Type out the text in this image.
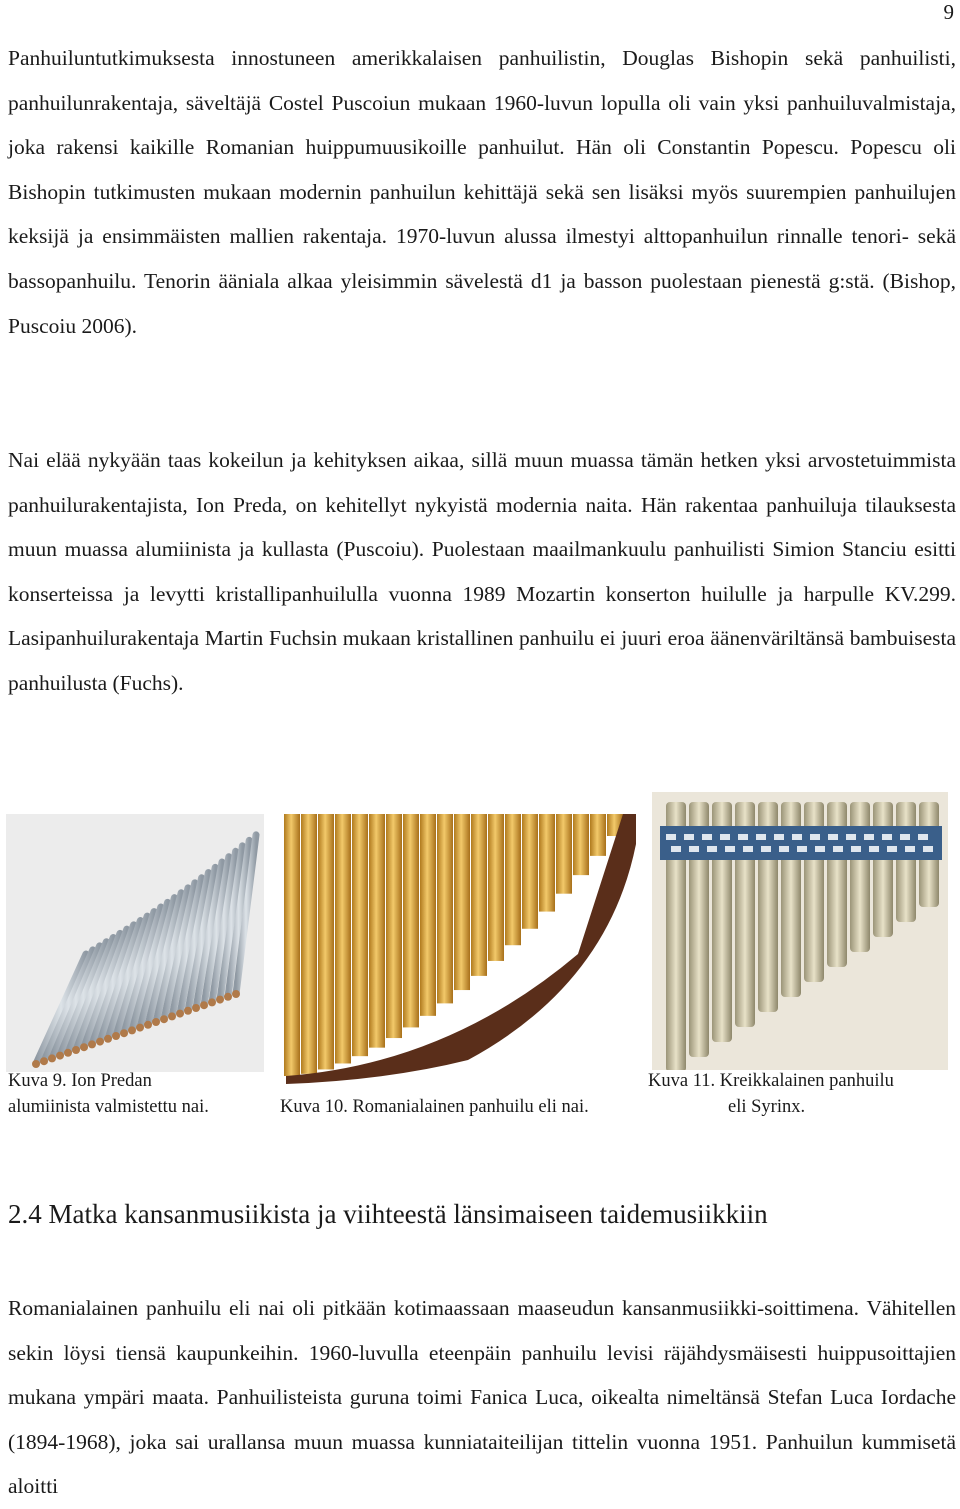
9

Panhuiluntutkimuksesta innostuneen amerikkalaisen panhuilistin, Douglas Bishopin sekä panhuilisti, panhuilunrakentaja, säveltäjä Costel Puscoiun mukaan 1960-luvun lopulla oli vain yksi panhuiluvalmistaja, joka rakensi kaikille Romanian huippumuusikoille panhuilut. Hän oli Constantin Popescu. Popescu oli Bishopin tutkimusten mukaan modernin panhuilun kehittäjä sekä sen lisäksi myös suurempien panhuilujen keksijä ja ensimmäisten mallien rakentaja. 1970-luvun alussa ilmestyi alttopanhuilun rinnalle tenori- sekä bassopanhuilu. Tenorin ääniala alkaa yleisimmin sävelestä d1 ja basson puolestaan pienestä g:stä. (Bishop, Puscoiu 2006).

Nai elää nykyään taas kokeilun ja kehityksen aikaa, sillä muun muassa tämän hetken yksi arvostetuimmista panhuilurakentajista, Ion Preda, on kehitellyt nykyistä modernia naita. Hän rakentaa panhuiluja tilauksesta muun muassa alumiinista ja kullasta (Puscoiu). Puolestaan maailmankuulu panhuilisti Simion Stanciu esitti konserteissa ja levytti kristallipanhuilulla vuonna 1989 Mozartin konserton huilulle ja harpulle KV.299. Lasipanhuilurakentaja Martin Fuchsin mukaan kristallinen panhuilu ei juuri eroa äänenväriltänsä bambuisesta panhuilusta (Fuchs).

Kuva 9. Ion Predan
alumiinista valmistettu nai.	Kuva 10. Romanialainen panhuilu eli nai.
Kuva 11. Kreikkalainen panhuilu
eli Syrinx.
2.4 Matka kansanmusiikista ja viihteestä länsimaiseen taidemusiikkiin

Romanialainen panhuilu eli nai oli pitkään kotimaassaan maaseudun kansanmusiikki-soittimena. Vähitellen sekin löysi tiensä kaupunkeihin. 1960-luvulla eteenpäin panhuilu levisi räjähdysmäisesti huippusoittajien mukana ympäri maata. Panhuilisteista guruna toimi Fanica Luca, oikealta nimeltänsä Stefan Luca Iordache (1894-1968), joka sai urallansa muun muassa kunniataiteilijan tittelin vuonna 1951. Panhuilun kummisetä aloitti
